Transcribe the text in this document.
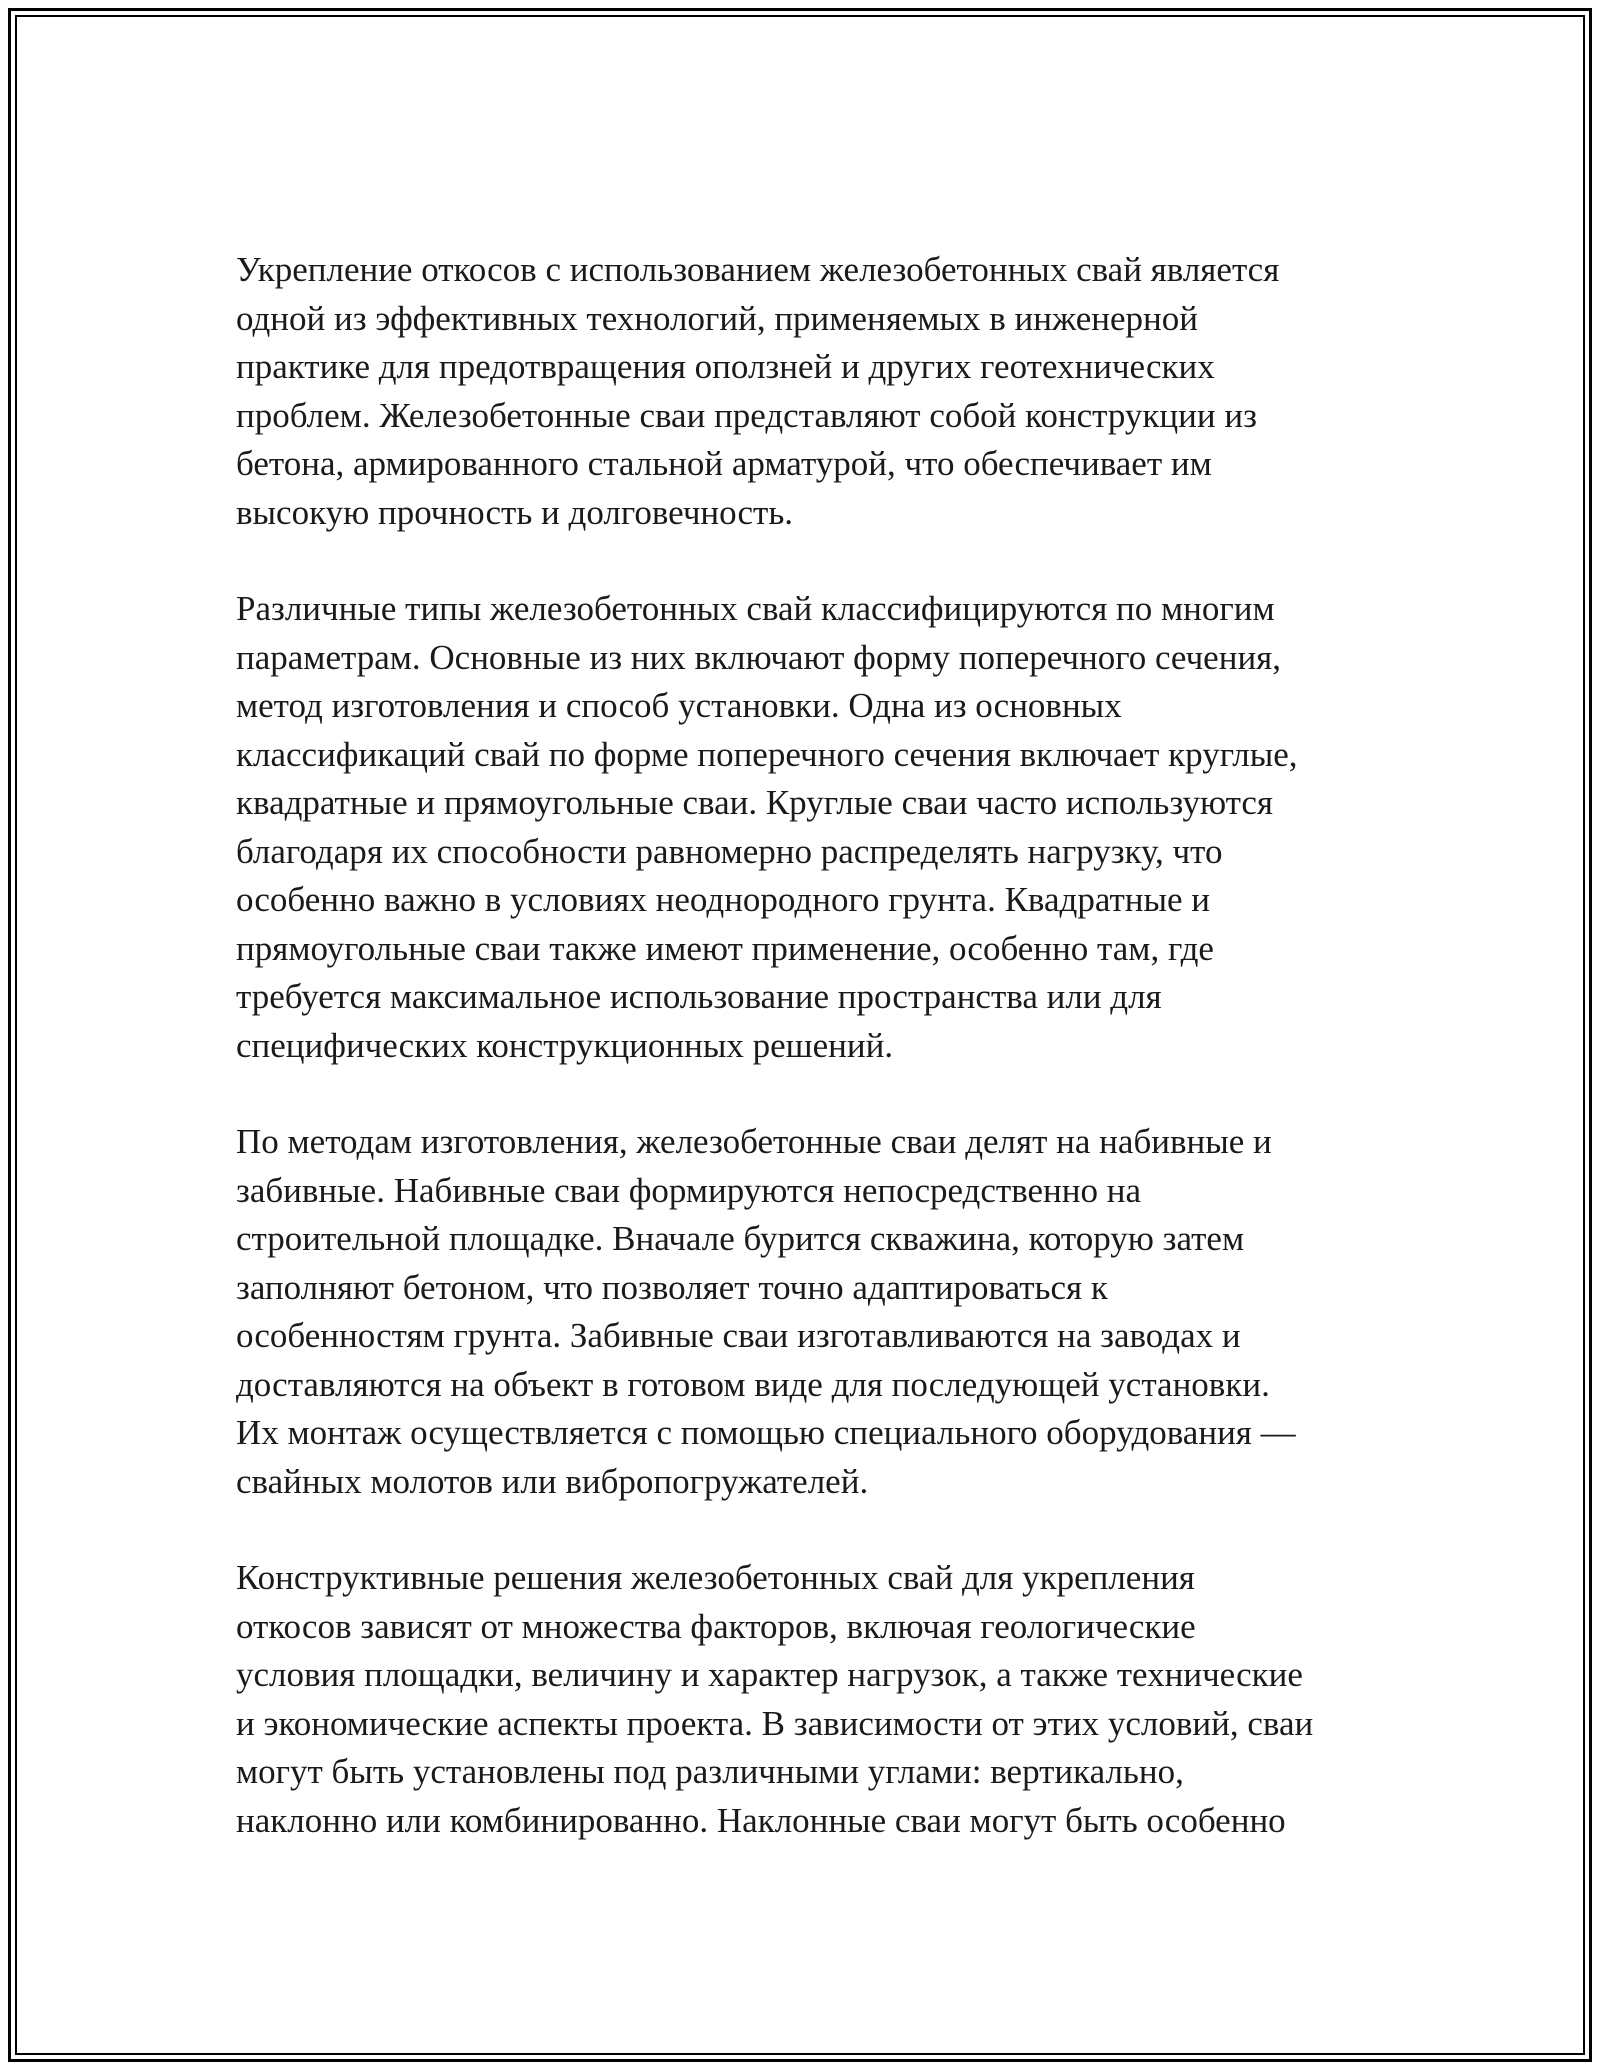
Укрепление откосов с использованием железобетонных свай является
одной из эффективных технологий, применяемых в инженерной
практике для предотвращения оползней и других геотехнических
проблем. Железобетонные сваи представляют собой конструкции из
бетона, армированного стальной арматурой, что обеспечивает им
высокую прочность и долговечность.

Различные типы железобетонных свай классифицируются по многим
параметрам. Основные из них включают форму поперечного сечения,
метод изготовления и способ установки. Одна из основных
классификаций свай по форме поперечного сечения включает круглые,
квадратные и прямоугольные сваи. Круглые сваи часто используются
благодаря их способности равномерно распределять нагрузку, что
особенно важно в условиях неоднородного грунта. Квадратные и
прямоугольные сваи также имеют применение, особенно там, где
требуется максимальное использование пространства или для
специфических конструкционных решений.

По методам изготовления, железобетонные сваи делят на набивные и
забивные. Набивные сваи формируются непосредственно на
строительной площадке. Вначале бурится скважина, которую затем
заполняют бетоном, что позволяет точно адаптироваться к
особенностям грунта. Забивные сваи изготавливаются на заводах и
доставляются на объект в готовом виде для последующей установки.
Их монтаж осуществляется с помощью специального оборудования —
свайных молотов или вибропогружателей.

Конструктивные решения железобетонных свай для укрепления
откосов зависят от множества факторов, включая геологические
условия площадки, величину и характер нагрузок, а также технические
и экономические аспекты проекта. В зависимости от этих условий, сваи
могут быть установлены под различными углами: вертикально,
наклонно или комбинированно. Наклонные сваи могут быть особенно
